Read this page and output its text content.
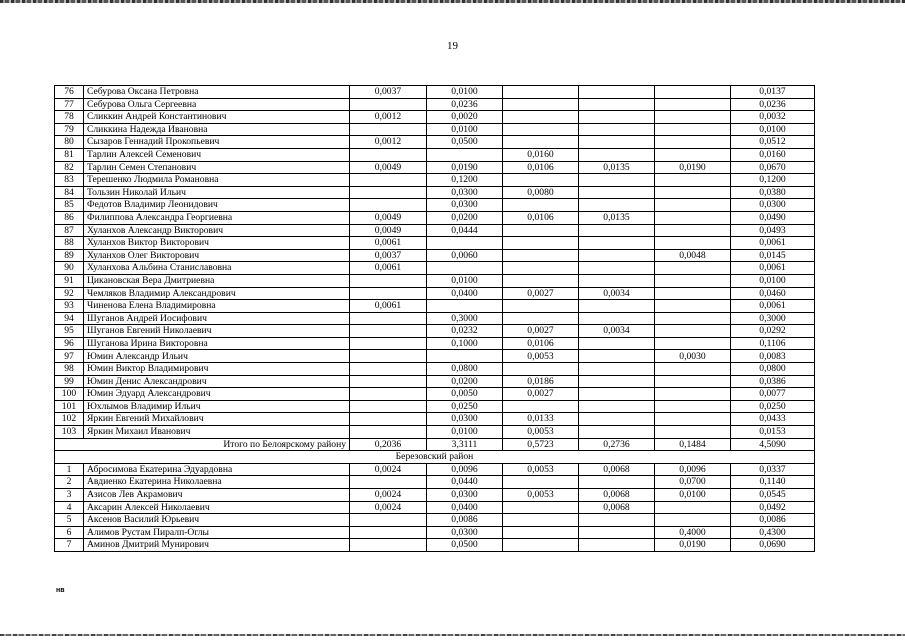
19
76	Себурова Оксана Петровна	0,0037	0,0100				0,0137
77	Себурова Ольга Сергеевна		0,0236				0,0236
78	Сликкин Андрей Константинович	0,0012	0,0020				0,0032
79	Сликкина Надежда Ивановна		0,0100				0,0100
80	Сызаров Геннадий Прокопьевич	0,0012	0,0500				0,0512
81	Тарлин Алексей Семенович			0,0160			0,0160
82	Тарлин Семен Степанович	0,0049	0,0190	0,0106	0,0135	0,0190	0,0670
83	Терешенко Людмила Романовна		0,1200				0,1200
84	Тользин Николай Ильич		0,0300	0,0080			0,0380
85	Федотов Владимир Леонидович		0,0300				0,0300
86	Филиппова Александра Георгиевна	0,0049	0,0200	0,0106	0,0135		0,0490
87	Хуланхов Александр Викторович	0,0049	0,0444				0,0493
88	Хуланхов Виктор Викторович	0,0061					0,0061
89	Хуланхов Олег Викторович	0,0037	0,0060			0,0048	0,0145
90	Хуланхова Альбина Станиславовна	0,0061					0,0061
91	Цикановская Вера Дмитриевна		0,0100				0,0100
92	Чемляков Владимир Александрович		0,0400	0,0027	0,0034		0,0460
93	Чиненова Елена Владимировна	0,0061					0,0061
94	Шуганов Андрей Иосифович		0,3000				0,3000
95	Шуганов Евгений Николаевич		0,0232	0,0027	0,0034		0,0292
96	Шуганова Ирина Викторовна		0,1000	0,0106			0,1106
97	Юмин Александр Ильич			0,0053		0,0030	0,0083
98	Юмин Виктор Владимирович		0,0800				0,0800
99	Юмин Денис Александрович		0,0200	0,0186			0,0386
100	Юмин Эдуард Александрович		0,0050	0,0027			0,0077
101	Юхлымов Владимир Ильич		0,0250				0,0250
102	Яркин Евгений Михайлович		0,0300	0,0133			0,0433
103	Яркин Михаил Иванович		0,0100	0,0053			0,0153
Итого по Белоярскому району		0,2036	3,3111	0,5723	0,2736	0,1484	4,5090
Березовский район							
1	Абросимова Екатерина Эдуардовна	0,0024	0,0096	0,0053	0,0068	0,0096	0,0337
2	Авдиенко Екатерина Николаевна		0,0440			0,0700	0,1140
3	Азисов Лев Акрамович	0,0024	0,0300	0,0053	0,0068	0,0100	0,0545
4	Аксарин Алексей Николаевич	0,0024	0,0400		0,0068		0,0492
5	Аксенов Василий Юрьевич		0,0086				0,0086
6	Алимов Рустам Пиралп-Оглы		0,0300			0,4000	0,4300
7	Аминов Дмитрий Мунирович		0,0500			0,0190	0,0690
нв
